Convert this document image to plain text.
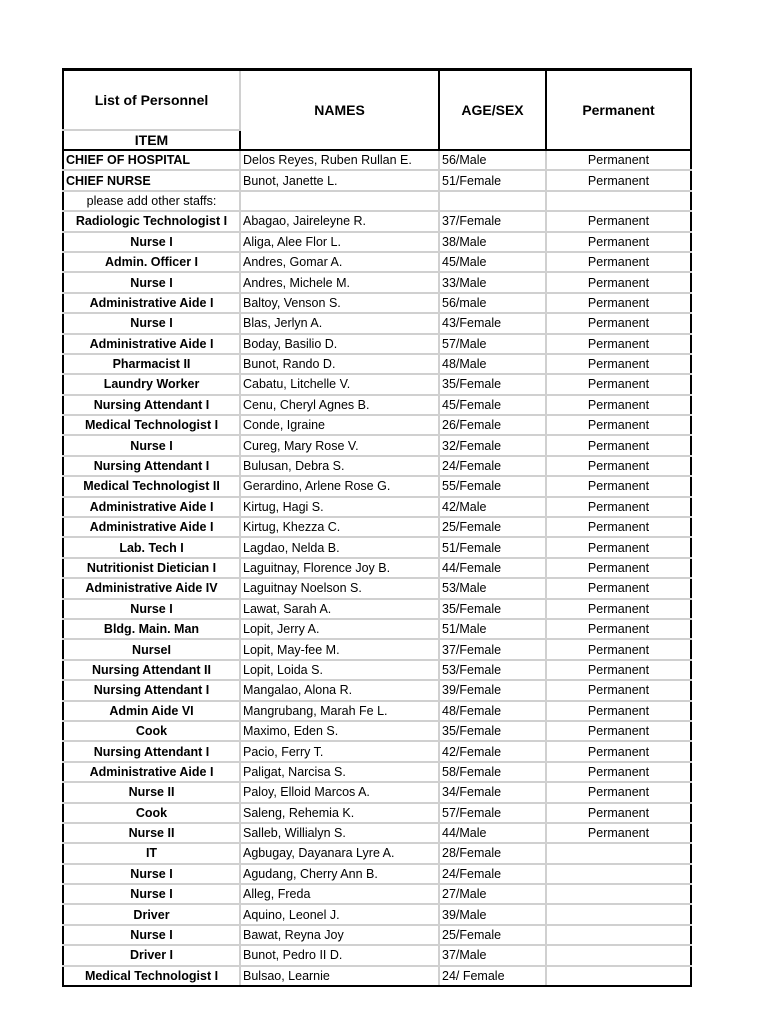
List of Personnel	NAMES	AGE/SEX	Permanent
ITEM			
CHIEF OF HOSPITAL	Delos Reyes, Ruben Rullan E.	56/Male	Permanent
CHIEF NURSE	Bunot, Janette L.	51/Female	Permanent
please add other staffs:			
Radiologic Technologist I	Abagao, Jaireleyne R.	37/Female	Permanent
Nurse I	Aliga, Alee Flor L.	38/Male	Permanent
Admin. Officer I	Andres, Gomar A.	45/Male	Permanent
Nurse I	Andres, Michele M.	33/Male	Permanent
Administrative Aide I	Baltoy, Venson S.	56/male	Permanent
Nurse I	Blas, Jerlyn A.	43/Female	Permanent
Administrative Aide I	Boday, Basilio D.	57/Male	Permanent
Pharmacist II	Bunot, Rando D.	48/Male	Permanent
Laundry Worker	Cabatu, Litchelle V.	35/Female	Permanent
Nursing Attendant I	Cenu, Cheryl Agnes B.	45/Female	Permanent
Medical Technologist I	Conde, Igraine	26/Female	Permanent
Nurse I	Cureg, Mary Rose V.	32/Female	Permanent
Nursing Attendant I	Bulusan, Debra S.	24/Female	Permanent
Medical Technologist II	Gerardino, Arlene Rose G.	55/Female	Permanent
Administrative Aide I	Kirtug, Hagi S.	42/Male	Permanent
Administrative Aide I	Kirtug, Khezza C.	25/Female	Permanent
Lab. Tech I	Lagdao, Nelda B.	51/Female	Permanent
Nutritionist Dietician I	Laguitnay, Florence Joy B.	44/Female	Permanent
Administrative Aide IV	Laguitnay Noelson S.	53/Male	Permanent
Nurse I	Lawat, Sarah A.	35/Female	Permanent
Bldg. Main. Man	Lopit, Jerry A.	51/Male	Permanent
NurseI	Lopit, May-fee M.	37/Female	Permanent
Nursing Attendant II	Lopit, Loida S.	53/Female	Permanent
Nursing Attendant I	Mangalao, Alona R.	39/Female	Permanent
Admin Aide VI	Mangrubang, Marah Fe L.	48/Female	Permanent
Cook	Maximo, Eden S.	35/Female	Permanent
Nursing Attendant I	Pacio, Ferry T.	42/Female	Permanent
Administrative Aide I	Paligat, Narcisa S.	58/Female	Permanent
Nurse II	Paloy, Elloid Marcos A.	34/Female	Permanent
Cook	Saleng, Rehemia K.	57/Female	Permanent
Nurse II	Salleb, Willialyn S.	44/Male	Permanent
IT	Agbugay, Dayanara Lyre A.	28/Female	
Nurse I	Agudang, Cherry Ann B.	24/Female	
Nurse I	Alleg, Freda	27/Male	
Driver	Aquino, Leonel J.	39/Male	
Nurse I	Bawat, Reyna Joy	25/Female	
Driver I	Bunot, Pedro II D.	37/Male	
Medical Technologist I	Bulsao, Learnie	24/ Female	
